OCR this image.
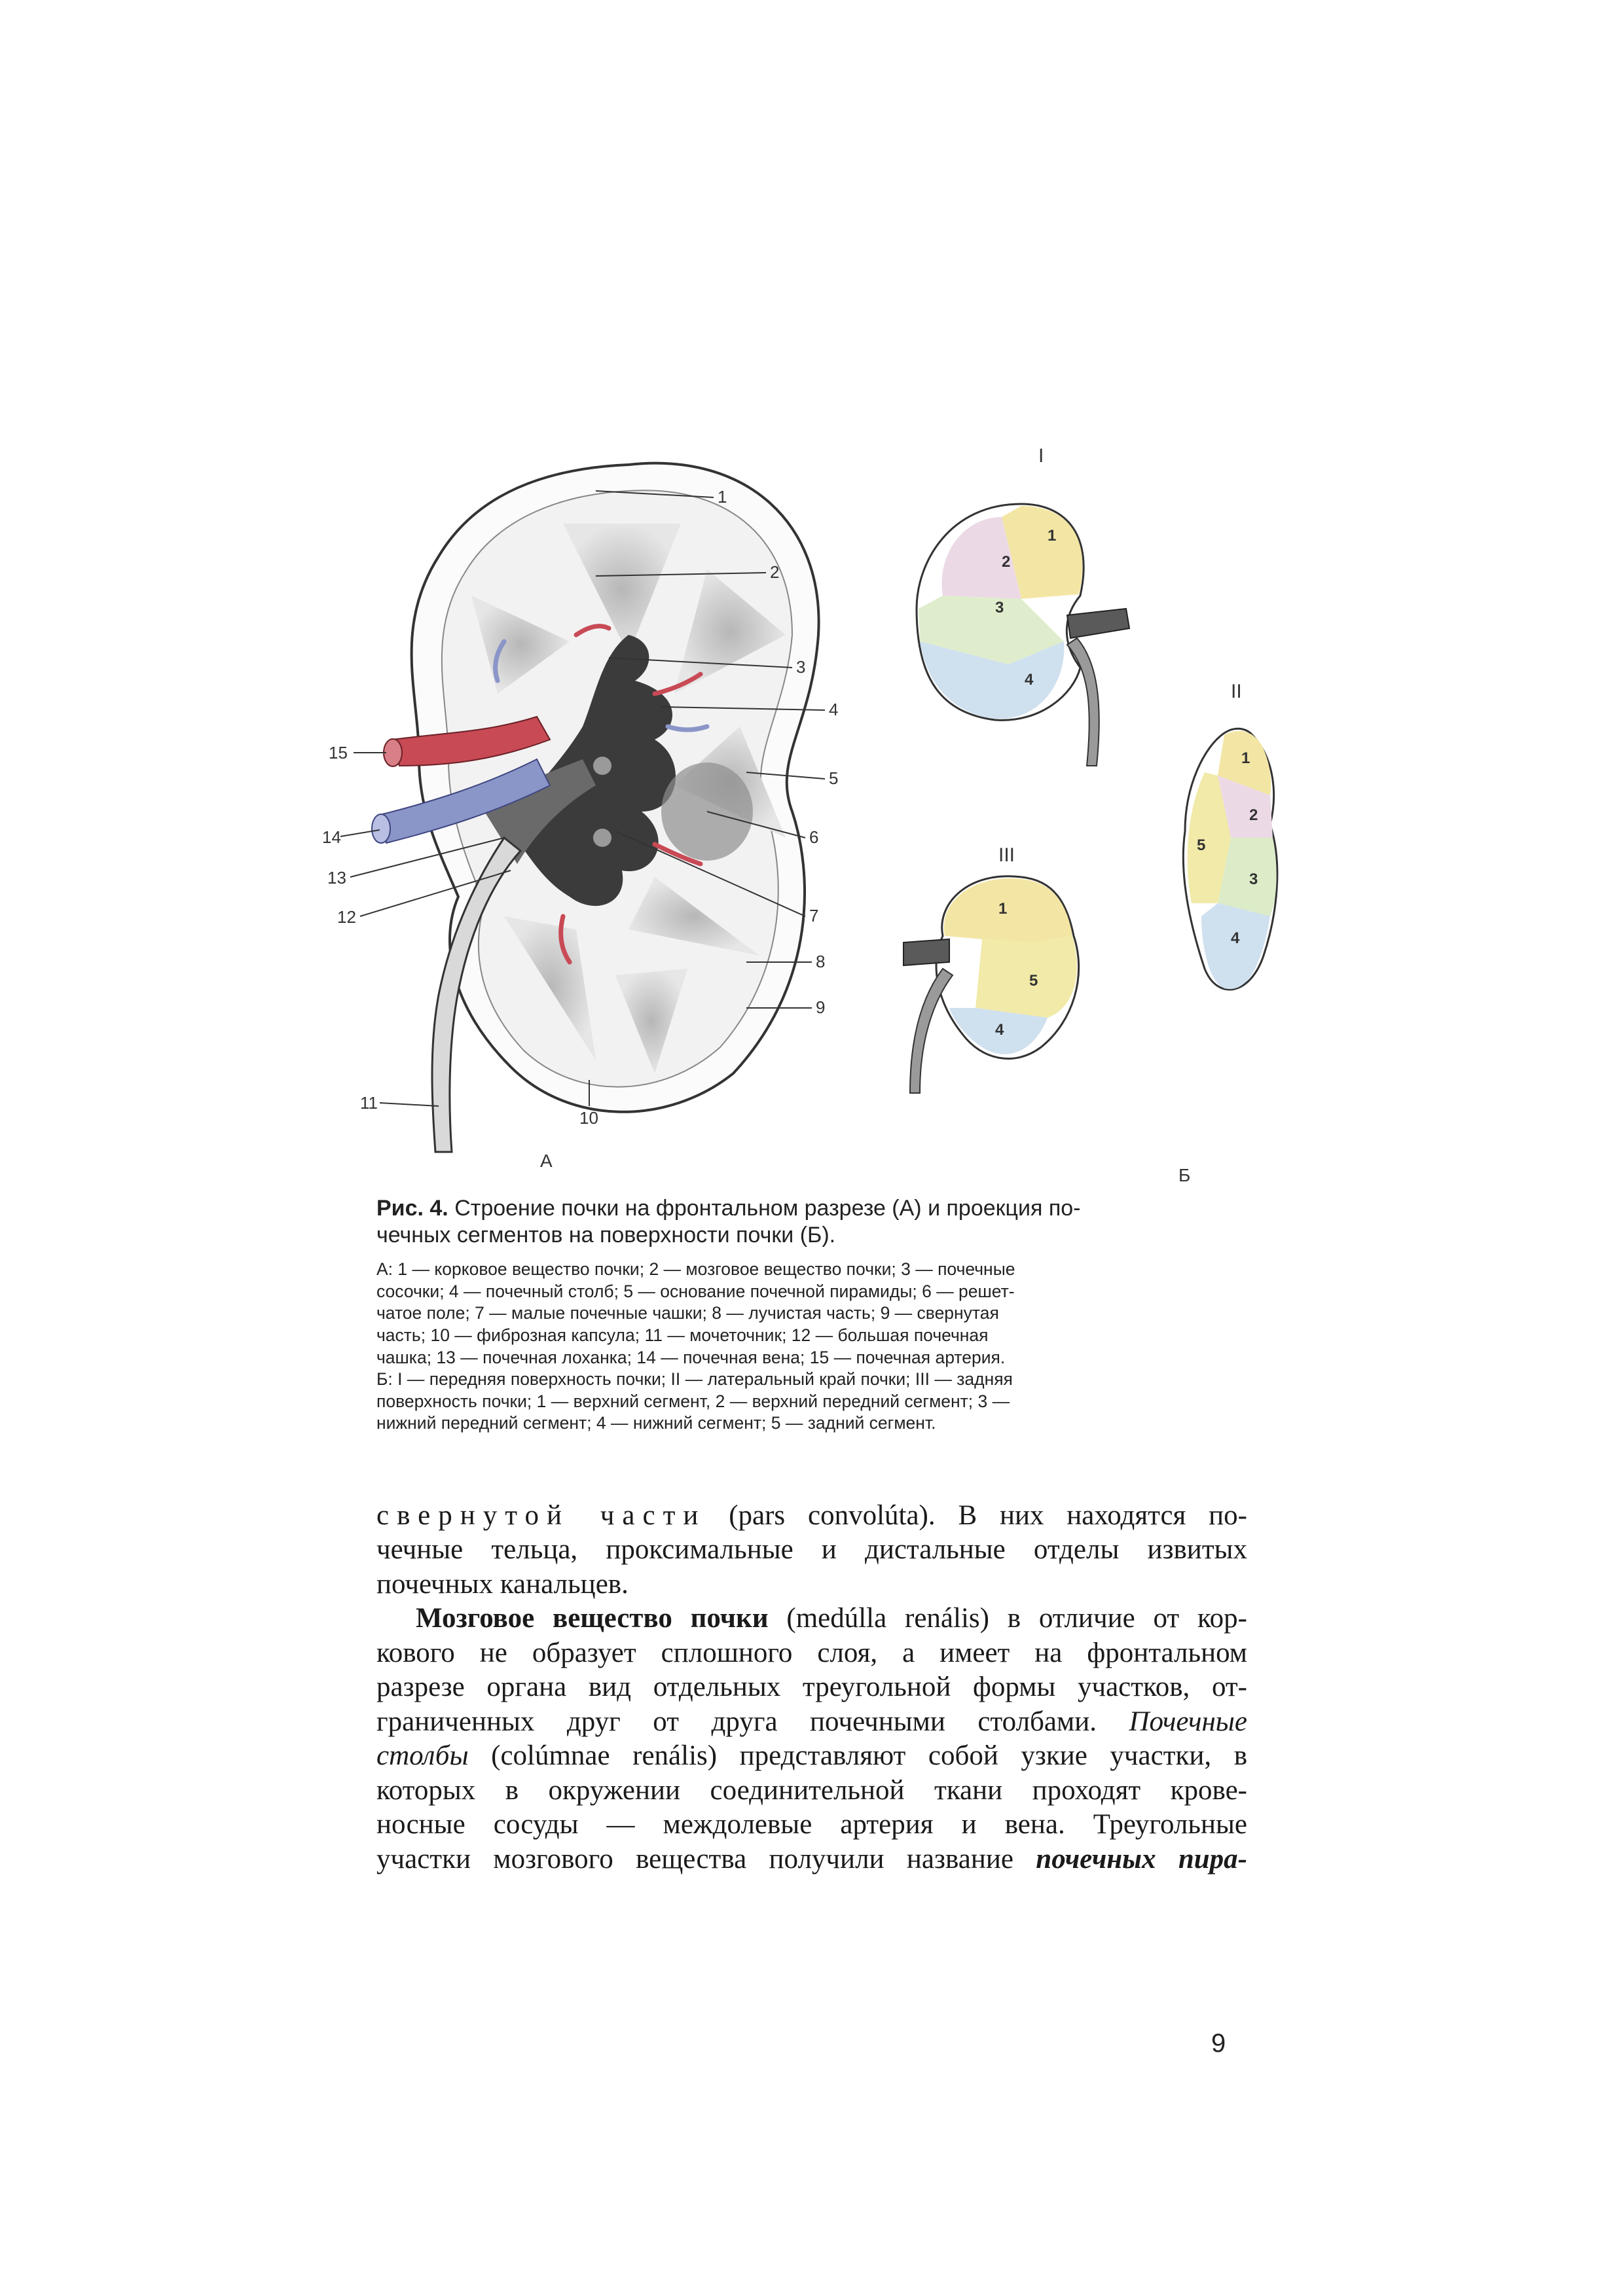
1
2
3
4
5
6
7
8
9
10
11
12
13
14
15
I
II
III
1
2
3
4
1
2
3
4
5
1
5
4
А
Б
Рис. 4. Строение почки на фронтальном разрезе (А) и проекция по-
чечных сегментов на поверхности почки (Б).
А: 1 — корковое вещество почки; 2 — мозговое вещество почки; 3 — почечные
сосочки; 4 — почечный столб; 5 — основание почечной пирамиды; 6 — решет-
чатое поле; 7 — малые почечные чашки; 8 — лучистая часть; 9 — свернутая
часть; 10 — фиброзная капсула; 11 — мочеточник; 12 — большая почечная
чашка; 13 — почечная лоханка; 14 — почечная вена; 15 — почечная артерия.
Б: I — передняя поверхность почки; II — латеральный край почки; III — задняя
поверхность почки; 1 — верхний сегмент, 2 — верхний передний сегмент; 3 —
нижний передний сегмент; 4 — нижний сегмент; 5 — задний сегмент.
свернутой части (pars convolúta). В них находятся по-
чечные тельца, проксимальные и дистальные отделы извитых
почечных канальцев.
Мозговое вещество почки (medúlla renális) в отличие от кор-
кового не образует сплошного слоя, а имеет на фронтальном
разрезе органа вид отдельных треугольной формы участков, от-
граниченных друг от друга почечными столбами. Почечные
столбы (colúmnae renális) представляют собой узкие участки, в
которых в окружении соединительной ткани проходят крове-
носные сосуды — междолевые артерия и вена. Треугольные
участки мозгового вещества получили название почечных пира-
9
